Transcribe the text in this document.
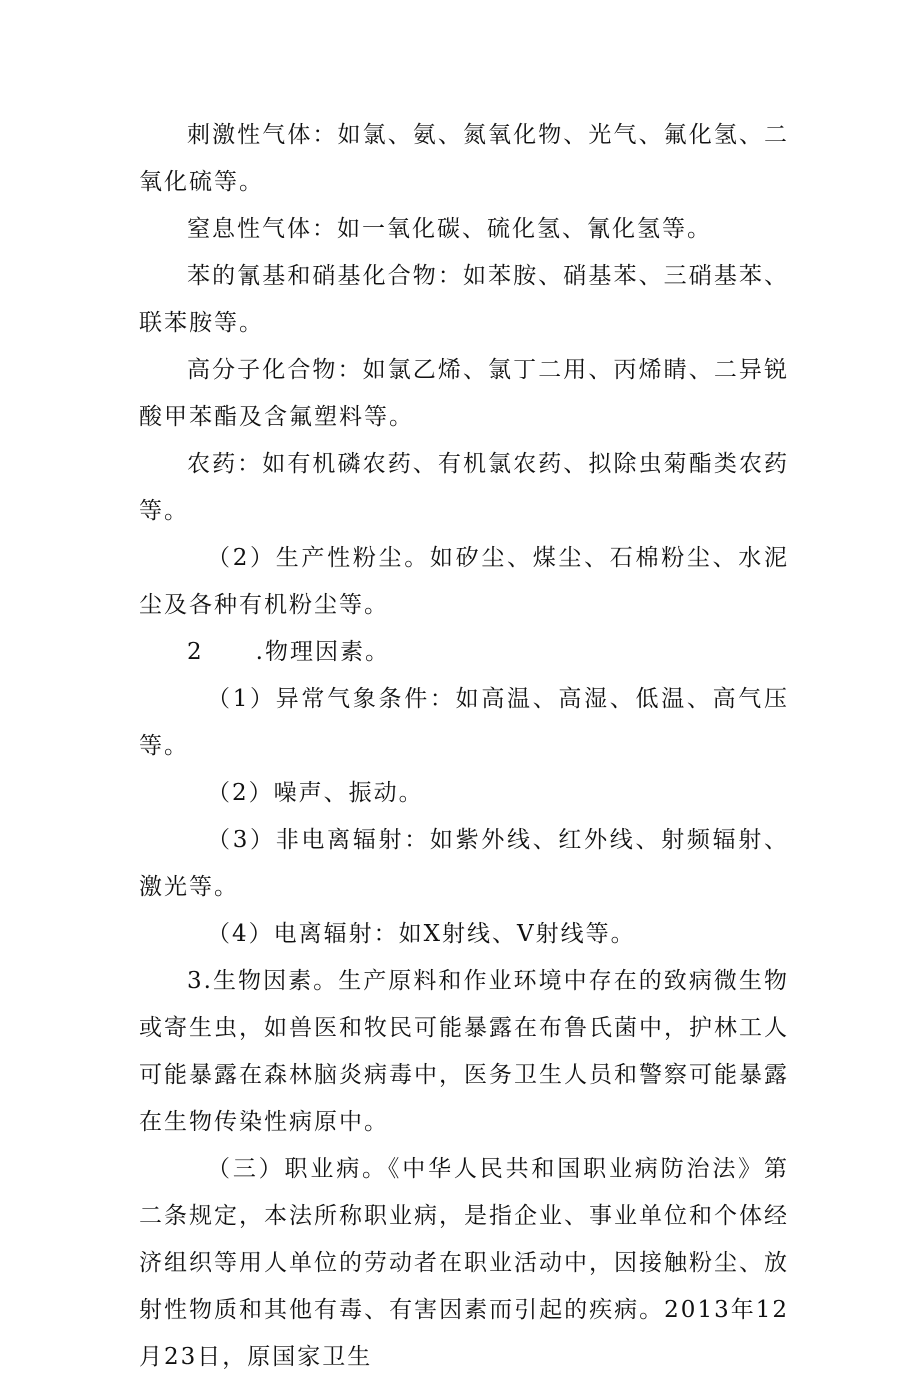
刺激性气体：如氯、氨、氮氧化物、光气、氟化氢、二氧化硫等。

窒息性气体：如一氧化碳、硫化氢、氰化氢等。

苯的氰基和硝基化合物：如苯胺、硝基苯、三硝基苯、联苯胺等。

高分子化合物：如氯乙烯、氯丁二用、丙烯睛、二异锐酸甲苯酯及含氟塑料等。

农药：如有机磷农药、有机氯农药、拟除虫菊酯类农药等。

（2）生产性粉尘。如矽尘、煤尘、石棉粉尘、水泥尘及各种有机粉尘等。

2 .物理因素。

（1）异常气象条件：如高温、高湿、低温、高气压等。

（2）噪声、振动。

（3）非电离辐射：如紫外线、红外线、射频辐射、激光等。

（4）电离辐射：如X射线、V射线等。

3.生物因素。生产原料和作业环境中存在的致病微生物或寄生虫，如兽医和牧民可能暴露在布鲁氏菌中，护林工人可能暴露在森林脑炎病毒中，医务卫生人员和警察可能暴露在生物传染性病原中。

（三）职业病。《中华人民共和国职业病防治法》第二条规定，本法所称职业病，是指企业、事业单位和个体经济组织等用人单位的劳动者在职业活动中，因接触粉尘、放射性物质和其他有毒、有害因素而引起的疾病。2013年12月23日，原国家卫生
